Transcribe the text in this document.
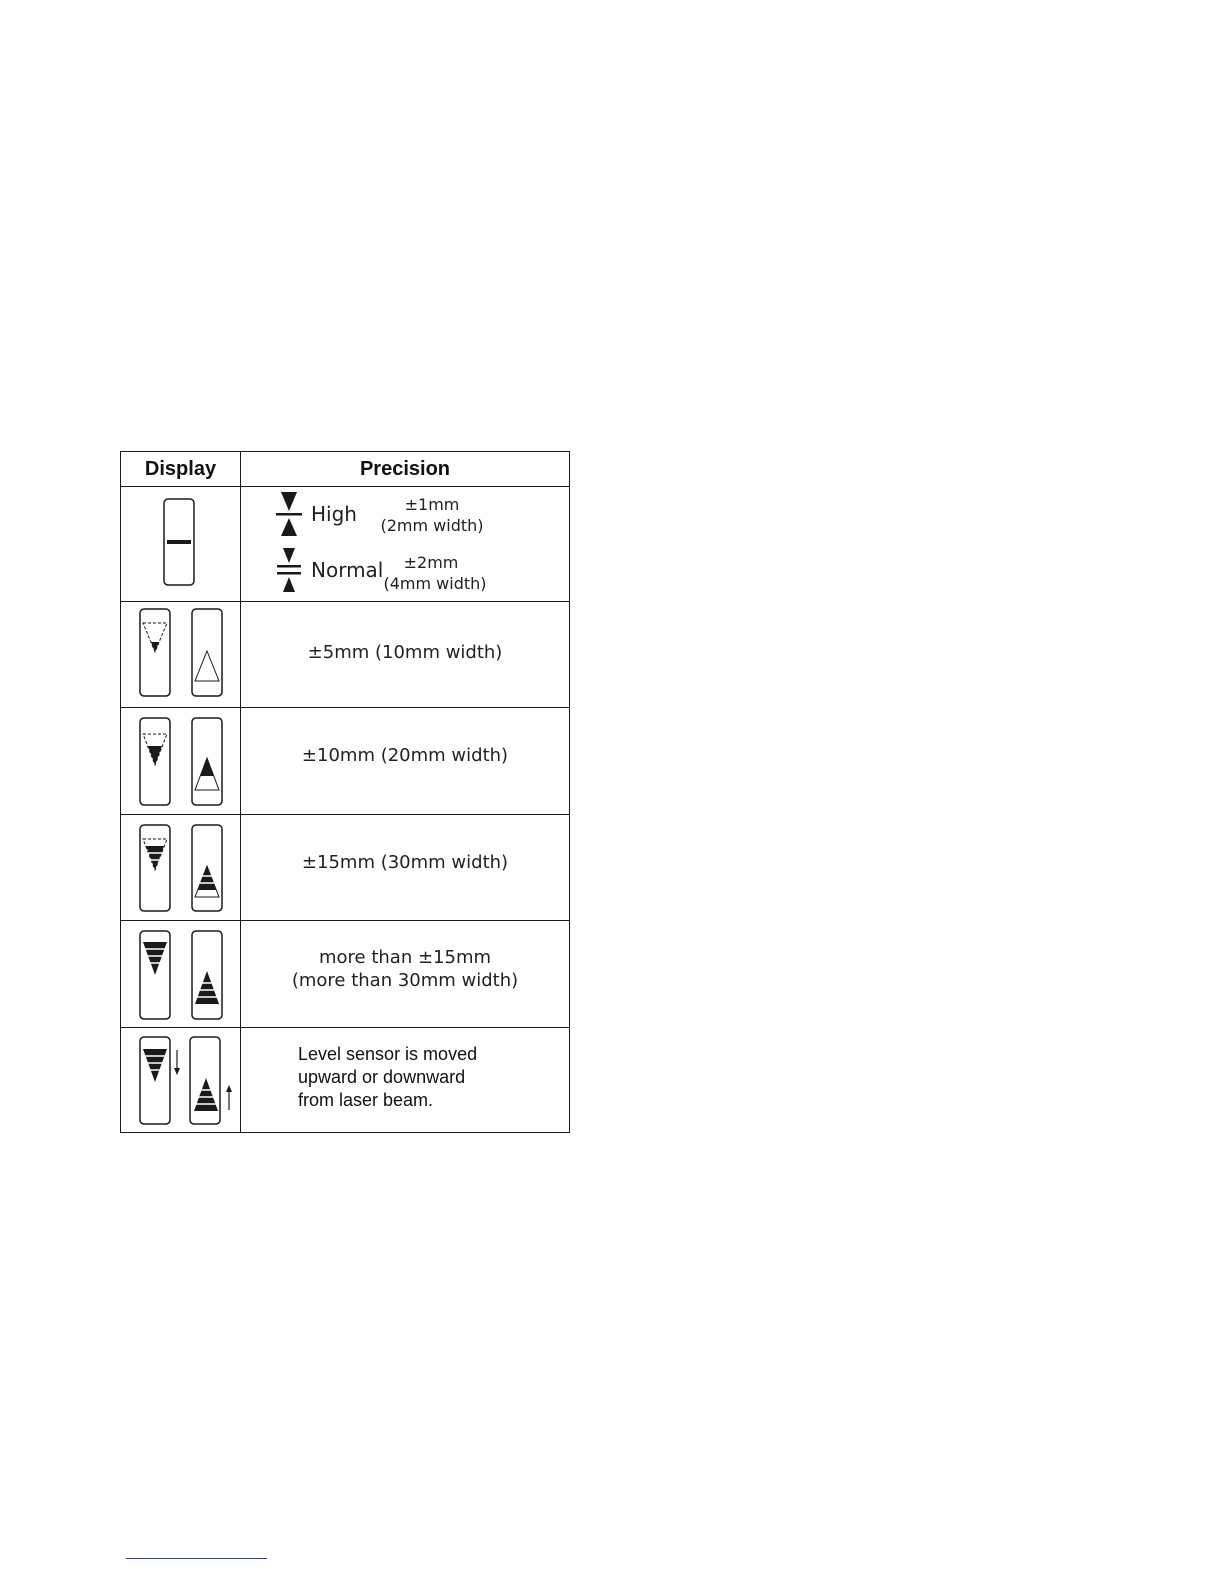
Display	Precision
High	±1mm
(2mm width)
Normal	±2mm
(4mm width)
±5mm (10mm width)
±10mm (20mm width)
±15mm (30mm width)
more than ±15mm
(more than 30mm width)
Level sensor is moved
upward or downward
from laser beam.
